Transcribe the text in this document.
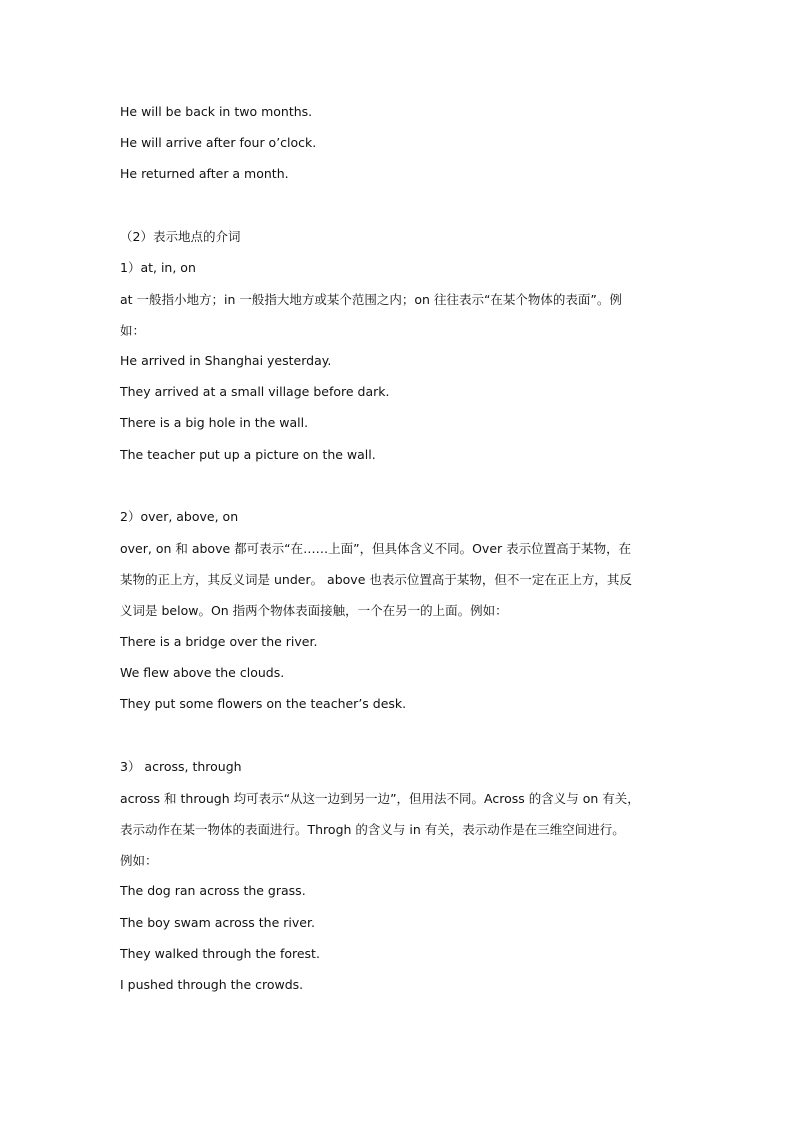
He will be back in two months.
He will arrive after four o’clock.
He returned after a month.
（2）表示地点的介词
1）at, in, on
at 一般指小地方；in 一般指大地方或某个范围之内；on 往往表示“在某个物体的表面”。例
如：
He arrived in Shanghai yesterday.
They arrived at a small village before dark.
There is a big hole in the wall.
The teacher put up a picture on the wall.
2）over, above, on
over, on 和 above 都可表示“在……上面”，但具体含义不同。Over 表示位置高于某物，在
某物的正上方，其反义词是 under。 above 也表示位置高于某物，但不一定在正上方，其反
义词是 below。On 指两个物体表面接触，一个在另一的上面。例如：
There is a bridge over the river.
We flew above the clouds.
They put some flowers on the teacher’s desk.
3） across, through
across 和 through 均可表示“从这一边到另一边”，但用法不同。Across 的含义与 on 有关，
表示动作在某一物体的表面进行。Throgh 的含义与 in 有关，表示动作是在三维空间进行。
例如：
The dog ran across the grass.
The boy swam across the river.
They walked through the forest.
I pushed through the crowds.
